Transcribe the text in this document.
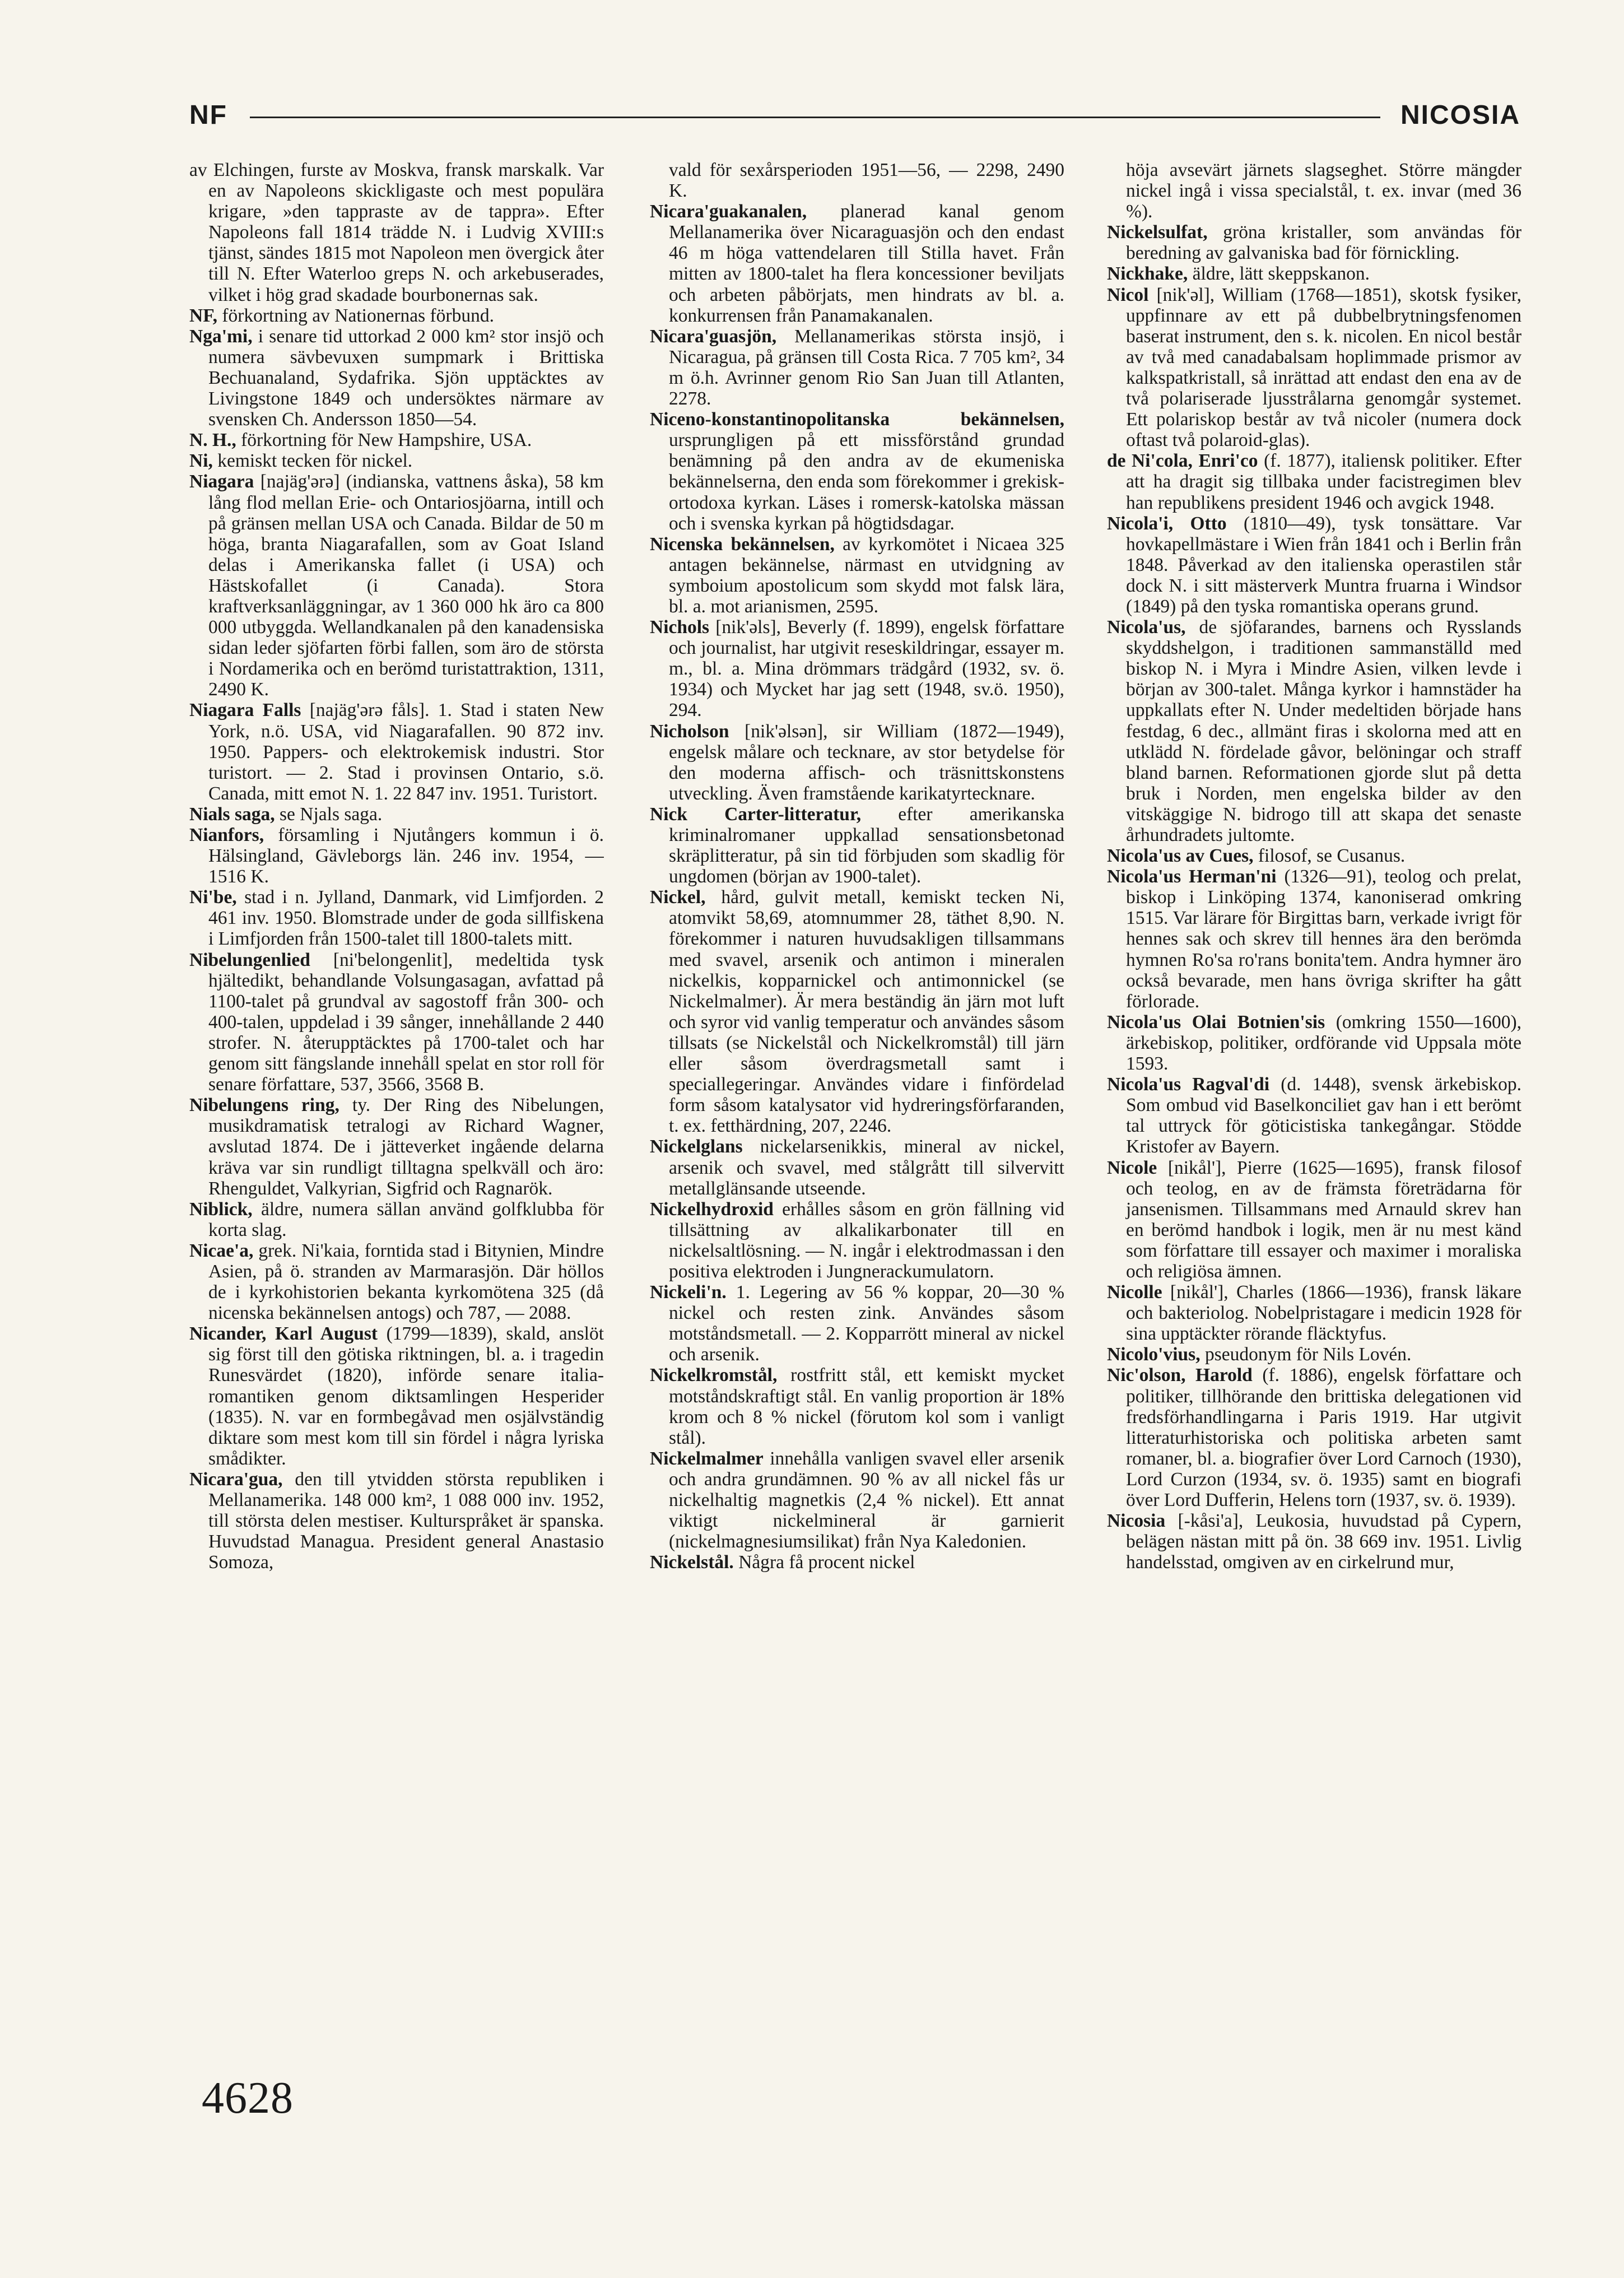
NF	NICOSIA

av Elchingen, furste av Moskva, fransk marskalk. Var en av Napoleons skickligaste och mest populära krigare, »den tappraste av de tappra». Efter Napoleons fall 1814 trädde N. i Ludvig XVIII:s tjänst, sändes 1815 mot Napoleon men övergick åter till N. Efter Waterloo greps N. och arkebuserades, vilket i hög grad skadade bourbonernas sak.

NF, förkortning av Nationernas förbund.

Nga'mi, i senare tid uttorkad 2 000 km² stor insjö och numera sävbevuxen sumpmark i Brittiska Bechuanaland, Sydafrika. Sjön upptäcktes av Livingstone 1849 och undersöktes närmare av svensken Ch. Andersson 1850—54.

N. H., förkortning för New Hampshire, USA.

Ni, kemiskt tecken för nickel.

Niagara [najäg'ərə] (indianska, vattnens åska), 58 km lång flod mellan Erie- och Ontariosjöarna, intill och på gränsen mellan USA och Canada. Bildar de 50 m höga, branta Niagarafallen, som av Goat Island delas i Amerikanska fallet (i USA) och Hästskofallet (i Canada). Stora kraftverksanläggningar, av 1 360 000 hk äro ca 800 000 utbyggda. Wellandkanalen på den kanadensiska sidan leder sjöfarten förbi fallen, som äro de största i Nordamerika och en berömd turistattraktion, 1311, 2490 K.

Niagara Falls [najäg'ərə fåls]. 1. Stad i staten New York, n.ö. USA, vid Niagarafallen. 90 872 inv. 1950. Pappers- och elektrokemisk industri. Stor turistort. — 2. Stad i provinsen Ontario, s.ö. Canada, mitt emot N. 1. 22 847 inv. 1951. Turistort.

Nials saga, se Njals saga.

Nianfors, församling i Njutångers kommun i ö. Hälsingland, Gävleborgs län. 246 inv. 1954, — 1516 K.

Ni'be, stad i n. Jylland, Danmark, vid Limfjorden. 2 461 inv. 1950. Blomstrade under de goda sillfiskena i Limfjorden från 1500-talet till 1800-talets mitt.

Nibelungenlied [ni'belongenlit], medeltida tysk hjältedikt, behandlande Volsungasagan, avfattad på 1100-talet på grundval av sagostoff från 300- och 400-talen, uppdelad i 39 sånger, innehållande 2 440 strofer. N. återupptäcktes på 1700-talet och har genom sitt fängslande innehåll spelat en stor roll för senare författare, 537, 3566, 3568 B.

Nibelungens ring, ty. Der Ring des Nibelungen, musikdramatisk tetralogi av Richard Wagner, avslutad 1874. De i jätteverket ingående delarna kräva var sin rundligt tilltagna spelkväll och äro: Rhenguldet, Valkyrian, Sigfrid och Ragnarök.

Niblick, äldre, numera sällan använd golfklubba för korta slag.

Nicae'a, grek. Ni'kaia, forntida stad i Bitynien, Mindre Asien, på ö. stranden av Marmarasjön. Där höllos de i kyrkohistorien bekanta kyrkomötena 325 (då nicenska bekännelsen antogs) och 787, — 2088.

Nicander, Karl August (1799—1839), skald, anslöt sig först till den götiska riktningen, bl. a. i tragedin Runesvärdet (1820), införde senare italia-romantiken genom diktsamlingen Hesperider (1835). N. var en formbegåvad men osjälvständig diktare som mest kom till sin fördel i några lyriska smådikter.

Nicara'gua, den till ytvidden största republiken i Mellanamerika. 148 000 km², 1 088 000 inv. 1952, till största delen mestiser. Kulturspråket är spanska. Huvudstad Managua. President general Anastasio Somoza,

vald för sexårsperioden 1951—56, — 2298, 2490 K.

Nicara'guakanalen, planerad kanal genom Mellanamerika över Nicaraguasjön och den endast 46 m höga vattendelaren till Stilla havet. Från mitten av 1800-talet ha flera koncessioner beviljats och arbeten påbörjats, men hindrats av bl. a. konkurrensen från Panamakanalen.

Nicara'guasjön, Mellanamerikas största insjö, i Nicaragua, på gränsen till Costa Rica. 7 705 km², 34 m ö.h. Avrinner genom Rio San Juan till Atlanten, 2278.

Niceno-konstantinopolitanska bekännelsen, ursprungligen på ett missförstånd grundad benämning på den andra av de ekumeniska bekännelserna, den enda som förekommer i grekisk-ortodoxa kyrkan. Läses i romersk-katolska mässan och i svenska kyrkan på högtidsdagar.

Nicenska bekännelsen, av kyrkomötet i Nicaea 325 antagen bekännelse, närmast en utvidgning av symboium apostolicum som skydd mot falsk lära, bl. a. mot arianismen, 2595.

Nichols [nik'əls], Beverly (f. 1899), engelsk författare och journalist, har utgivit reseskildringar, essayer m. m., bl. a. Mina drömmars trädgård (1932, sv. ö. 1934) och Mycket har jag sett (1948, sv.ö. 1950), 294.

Nicholson [nik'əlsən], sir William (1872—1949), engelsk målare och tecknare, av stor betydelse för den moderna affisch- och träsnittskonstens utveckling. Även framstående karikatyrtecknare.

Nick Carter-litteratur, efter amerikanska kriminalromaner uppkallad sensationsbetonad skräplitteratur, på sin tid förbjuden som skadlig för ungdomen (början av 1900-talet).

Nickel, hård, gulvit metall, kemiskt tecken Ni, atomvikt 58,69, atomnummer 28, täthet 8,90. N. förekommer i naturen huvudsakligen tillsammans med svavel, arsenik och antimon i mineralen nickelkis, kopparnickel och antimonnickel (se Nickelmalmer). Är mera beständig än järn mot luft och syror vid vanlig temperatur och användes såsom tillsats (se Nickelstål och Nickelkromstål) till järn eller såsom överdragsmetall samt i speciallegeringar. Användes vidare i finfördelad form såsom katalysator vid hydreringsförfaranden, t. ex. fetthärdning, 207, 2246.

Nickelglans nickelarsenikkis, mineral av nickel, arsenik och svavel, med stålgrått till silvervitt metallglänsande utseende.

Nickelhydroxid erhålles såsom en grön fällning vid tillsättning av alkalikarbonater till en nickelsaltlösning. — N. ingår i elektrodmassan i den positiva elektroden i Jungnerackumulatorn.

Nickeli'n. 1. Legering av 56 % koppar, 20—30 % nickel och resten zink. Användes såsom motståndsmetall. — 2. Kopparrött mineral av nickel och arsenik.

Nickelkromstål, rostfritt stål, ett kemiskt mycket motståndskraftigt stål. En vanlig proportion är 18% krom och 8 % nickel (förutom kol som i vanligt stål).

Nickelmalmer innehålla vanligen svavel eller arsenik och andra grundämnen. 90 % av all nickel fås ur nickelhaltig magnetkis (2,4 % nickel). Ett annat viktigt nickelmineral är garnierit (nickelmagnesiumsilikat) från Nya Kaledonien.

Nickelstål. Några få procent nickel

höja avsevärt järnets slagseghet. Större mängder nickel ingå i vissa specialstål, t. ex. invar (med 36 %).

Nickelsulfat, gröna kristaller, som användas för beredning av galvaniska bad för förnickling.

Nickhake, äldre, lätt skeppskanon.

Nicol [nik'əl], William (1768—1851), skotsk fysiker, uppfinnare av ett på dubbelbrytningsfenomen baserat instrument, den s. k. nicolen. En nicol består av två med canadabalsam hoplimmade prismor av kalkspatkristall, så inrättad att endast den ena av de två polariserade ljusstrålarna genomgår systemet. Ett polariskop består av två nicoler (numera dock oftast två polaroid-glas).

de Ni'cola, Enri'co (f. 1877), italiensk politiker. Efter att ha dragit sig tillbaka under facistregimen blev han republikens president 1946 och avgick 1948.

Nicola'i, Otto (1810—49), tysk tonsättare. Var hovkapellmästare i Wien från 1841 och i Berlin från 1848. Påverkad av den italienska operastilen står dock N. i sitt mästerverk Muntra fruarna i Windsor (1849) på den tyska romantiska operans grund.

Nicola'us, de sjöfarandes, barnens och Rysslands skyddshelgon, i traditionen sammanställd med biskop N. i Myra i Mindre Asien, vilken levde i början av 300-talet. Många kyrkor i hamnstäder ha uppkallats efter N. Under medeltiden började hans festdag, 6 dec., allmänt firas i skolorna med att en utklädd N. fördelade gåvor, belöningar och straff bland barnen. Reformationen gjorde slut på detta bruk i Norden, men engelska bilder av den vitskäggige N. bidrogo till att skapa det senaste århundradets jultomte.

Nicola'us av Cues, filosof, se Cusanus.

Nicola'us Herman'ni (1326—91), teolog och prelat, biskop i Linköping 1374, kanoniserad omkring 1515. Var lärare för Birgittas barn, verkade ivrigt för hennes sak och skrev till hennes ära den berömda hymnen Ro'sa ro'rans bonita'tem. Andra hymner äro också bevarade, men hans övriga skrifter ha gått förlorade.

Nicola'us Olai Botnien'sis (omkring 1550—1600), ärkebiskop, politiker, ordförande vid Uppsala möte 1593.

Nicola'us Ragval'di (d. 1448), svensk ärkebiskop. Som ombud vid Baselkonciliet gav han i ett berömt tal uttryck för göticistiska tankegångar. Stödde Kristofer av Bayern.

Nicole [nikål'], Pierre (1625—1695), fransk filosof och teolog, en av de främsta företrädarna för jansenismen. Tillsammans med Arnauld skrev han en berömd handbok i logik, men är nu mest känd som författare till essayer och maximer i moraliska och religiösa ämnen.

Nicolle [nikål'], Charles (1866—1936), fransk läkare och bakteriolog. Nobelpristagare i medicin 1928 för sina upptäckter rörande fläcktyfus.

Nicolo'vius, pseudonym för Nils Lovén.

Nic'olson, Harold (f. 1886), engelsk författare och politiker, tillhörande den brittiska delegationen vid fredsförhandlingarna i Paris 1919. Har utgivit litteraturhistoriska och politiska arbeten samt romaner, bl. a. biografier över Lord Carnoch (1930), Lord Curzon (1934, sv. ö. 1935) samt en biografi över Lord Dufferin, Helens torn (1937, sv. ö. 1939).

Nicosia [-kåsi'a], Leukosia, huvudstad på Cypern, belägen nästan mitt på ön. 38 669 inv. 1951. Livlig handelsstad, omgiven av en cirkelrund mur,

4628
